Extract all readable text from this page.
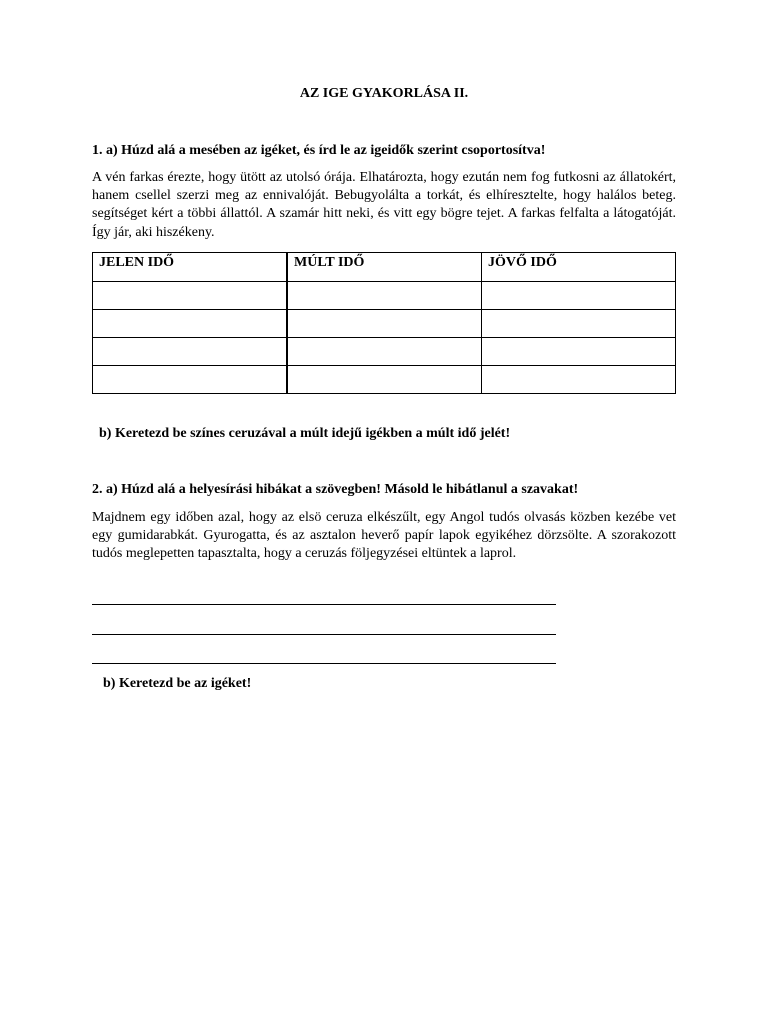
AZ IGE GYAKORLÁSA II.
1. a) Húzd alá a mesében az igéket, és írd le az igeidők szerint csoportosítva!
A vén farkas érezte, hogy ütött az utolsó órája. Elhatározta, hogy ezután nem fog futkosni az állatokért, hanem csellel szerzi meg az ennivalóját. Bebugyolálta a torkát, és elhíresztelte, hogy halálos beteg. segítséget kért a többi állattól. A szamár hitt neki, és vitt egy bögre tejet. A farkas felfalta a látogatóját. Így jár, aki hiszékeny.
JELEN IDŐ	MÚLT IDŐ	JÖVŐ IDŐ

b) Keretezd be színes ceruzával a múlt idejű igékben a múlt idő jelét!
2. a) Húzd alá a helyesírási hibákat a szövegben! Másold le hibátlanul a szavakat!
Majdnem egy időben azal, hogy az elsö ceruza elkészűlt, egy Angol tudós olvasás közben kezébe vet egy gumidarabkát. Gyurogatta, és az asztalon heverő papír lapok egyikéhez dörzsölte. A szorakozott tudós meglepetten tapasztalta, hogy a ceruzás följegyzései eltüntek a laprol.
b) Keretezd be az igéket!
